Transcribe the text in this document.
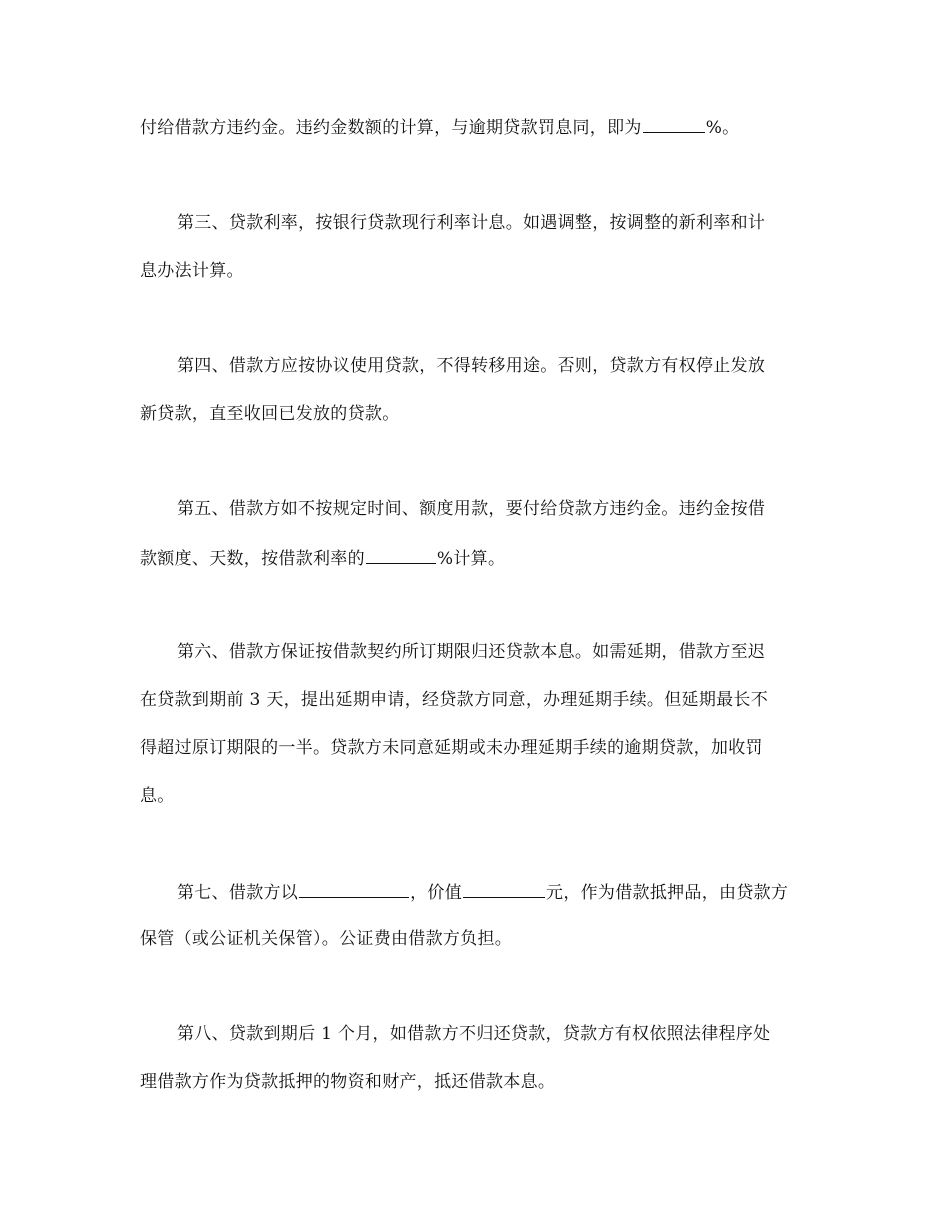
付给借款方违约金。违约金数额的计算，与逾期贷款罚息同，即为	%。
第三、贷款利率，按银行贷款现行利率计息。如遇调整，按调整的新利率和计
息办法计算。
第四、借款方应按协议使用贷款，不得转移用途。否则，贷款方有权停止发放
新贷款，直至收回已发放的贷款。
第五、借款方如不按规定时间、额度用款，要付给贷款方违约金。违约金按借
款额度、天数，按借款利率的	%计算。
第六、借款方保证按借款契约所订期限归还贷款本息。如需延期，借款方至迟
在贷款到期前 3 天，提出延期申请，经贷款方同意，办理延期手续。但延期最长不
得超过原订期限的一半。贷款方未同意延期或未办理延期手续的逾期贷款，加收罚
息。
第七、借款方以	，价值	元，作为借款抵押品，由贷款方
保管（或公证机关保管）。公证费由借款方负担。
第八、贷款到期后 1 个月，如借款方不归还贷款，贷款方有权依照法律程序处
理借款方作为贷款抵押的物资和财产，抵还借款本息。
